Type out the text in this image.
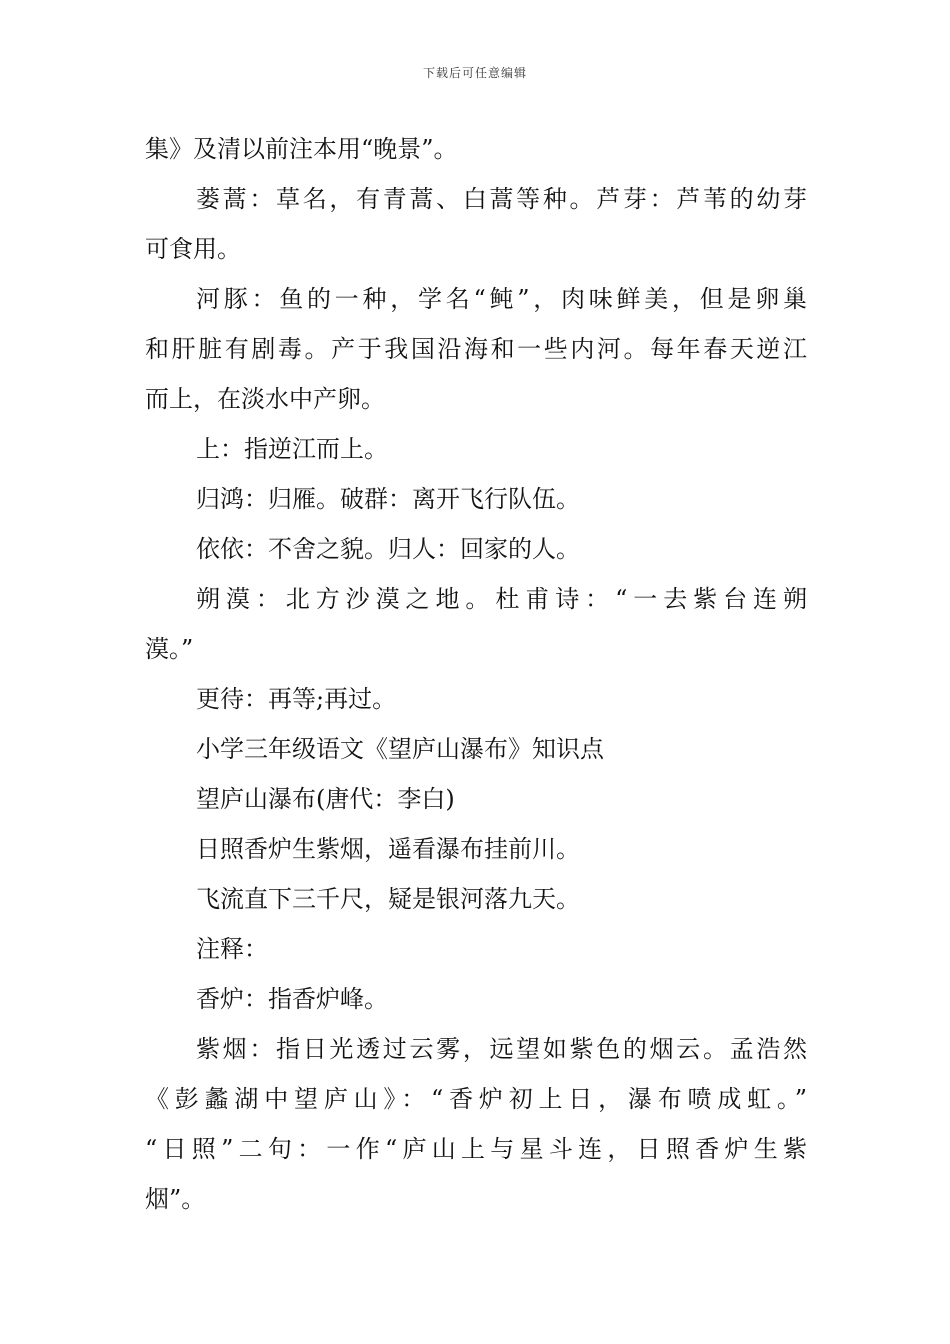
下载后可任意编辑
集》及清以前注本用“晚景”。
蒌蒿：草名，有青蒿、白蒿等种。芦芽：芦苇的幼芽
可食用。
河豚：鱼的一种，学名“鲀”，肉味鲜美，但是卵巢
和肝脏有剧毒。产于我国沿海和一些内河。每年春天逆江
而上，在淡水中产卵。
上：指逆江而上。
归鸿：归雁。破群：离开飞行队伍。
依依：不舍之貌。归人：回家的人。
朔漠：北方沙漠之地。杜甫诗：“一去紫台连朔
漠。”
更待：再等;再过。
小学三年级语文《望庐山瀑布》知识点
望庐山瀑布(唐代：李白)
日照香炉生紫烟，遥看瀑布挂前川。
飞流直下三千尺，疑是银河落九天。
注释：
香炉：指香炉峰。
紫烟：指日光透过云雾，远望如紫色的烟云。孟浩然
《彭蠡湖中望庐山》：“香炉初上日，瀑布喷成虹。”
“日照”二句：一作“庐山上与星斗连，日照香炉生紫
烟”。
